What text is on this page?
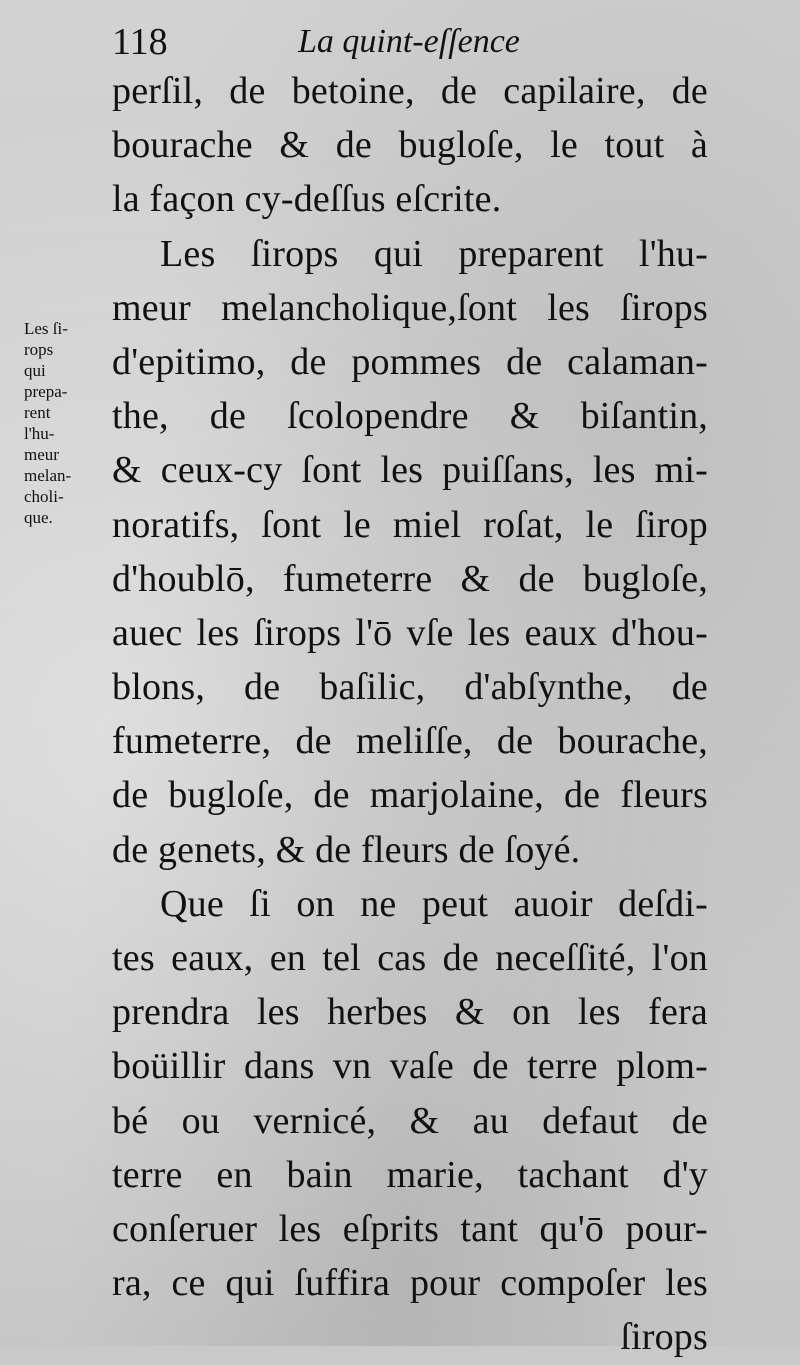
118	La quint-eſſence
Les ſi-
rops
qui
prepa-
rent
l'hu-
meur
melan-
choli-
que.
perſil, de betoine, de capilaire, de
bourache & de bugloſe, le tout à
la façon cy-deſſus eſcrite.
Les ſirops qui preparent l'hu-
meur melancholique,ſont les ſirops
d'epitimo, de pommes de calaman-
the, de ſcolopendre & biſantin,
& ceux-cy ſont les puiſſans, les mi-
noratifs, ſont le miel roſat, le ſirop
d'houblō, fumeterre & de bugloſe,
auec les ſirops l'ō vſe les eaux d'hou-
blons, de baſilic, d'abſynthe, de
fumeterre, de meliſſe, de bourache,
de bugloſe, de marjolaine, de fleurs
de genets, & de fleurs de ſoyé.
Que ſi on ne peut auoir deſdi-
tes eaux, en tel cas de neceſſité, l'on
prendra les herbes & on les fera
boüillir dans vn vaſe de terre plom-
bé ou vernicé, & au defaut de
terre en bain marie, tachant d'y
conſeruer les eſprits tant qu'ō pour-
ra, ce qui ſuffira pour compoſer les
ſirops
